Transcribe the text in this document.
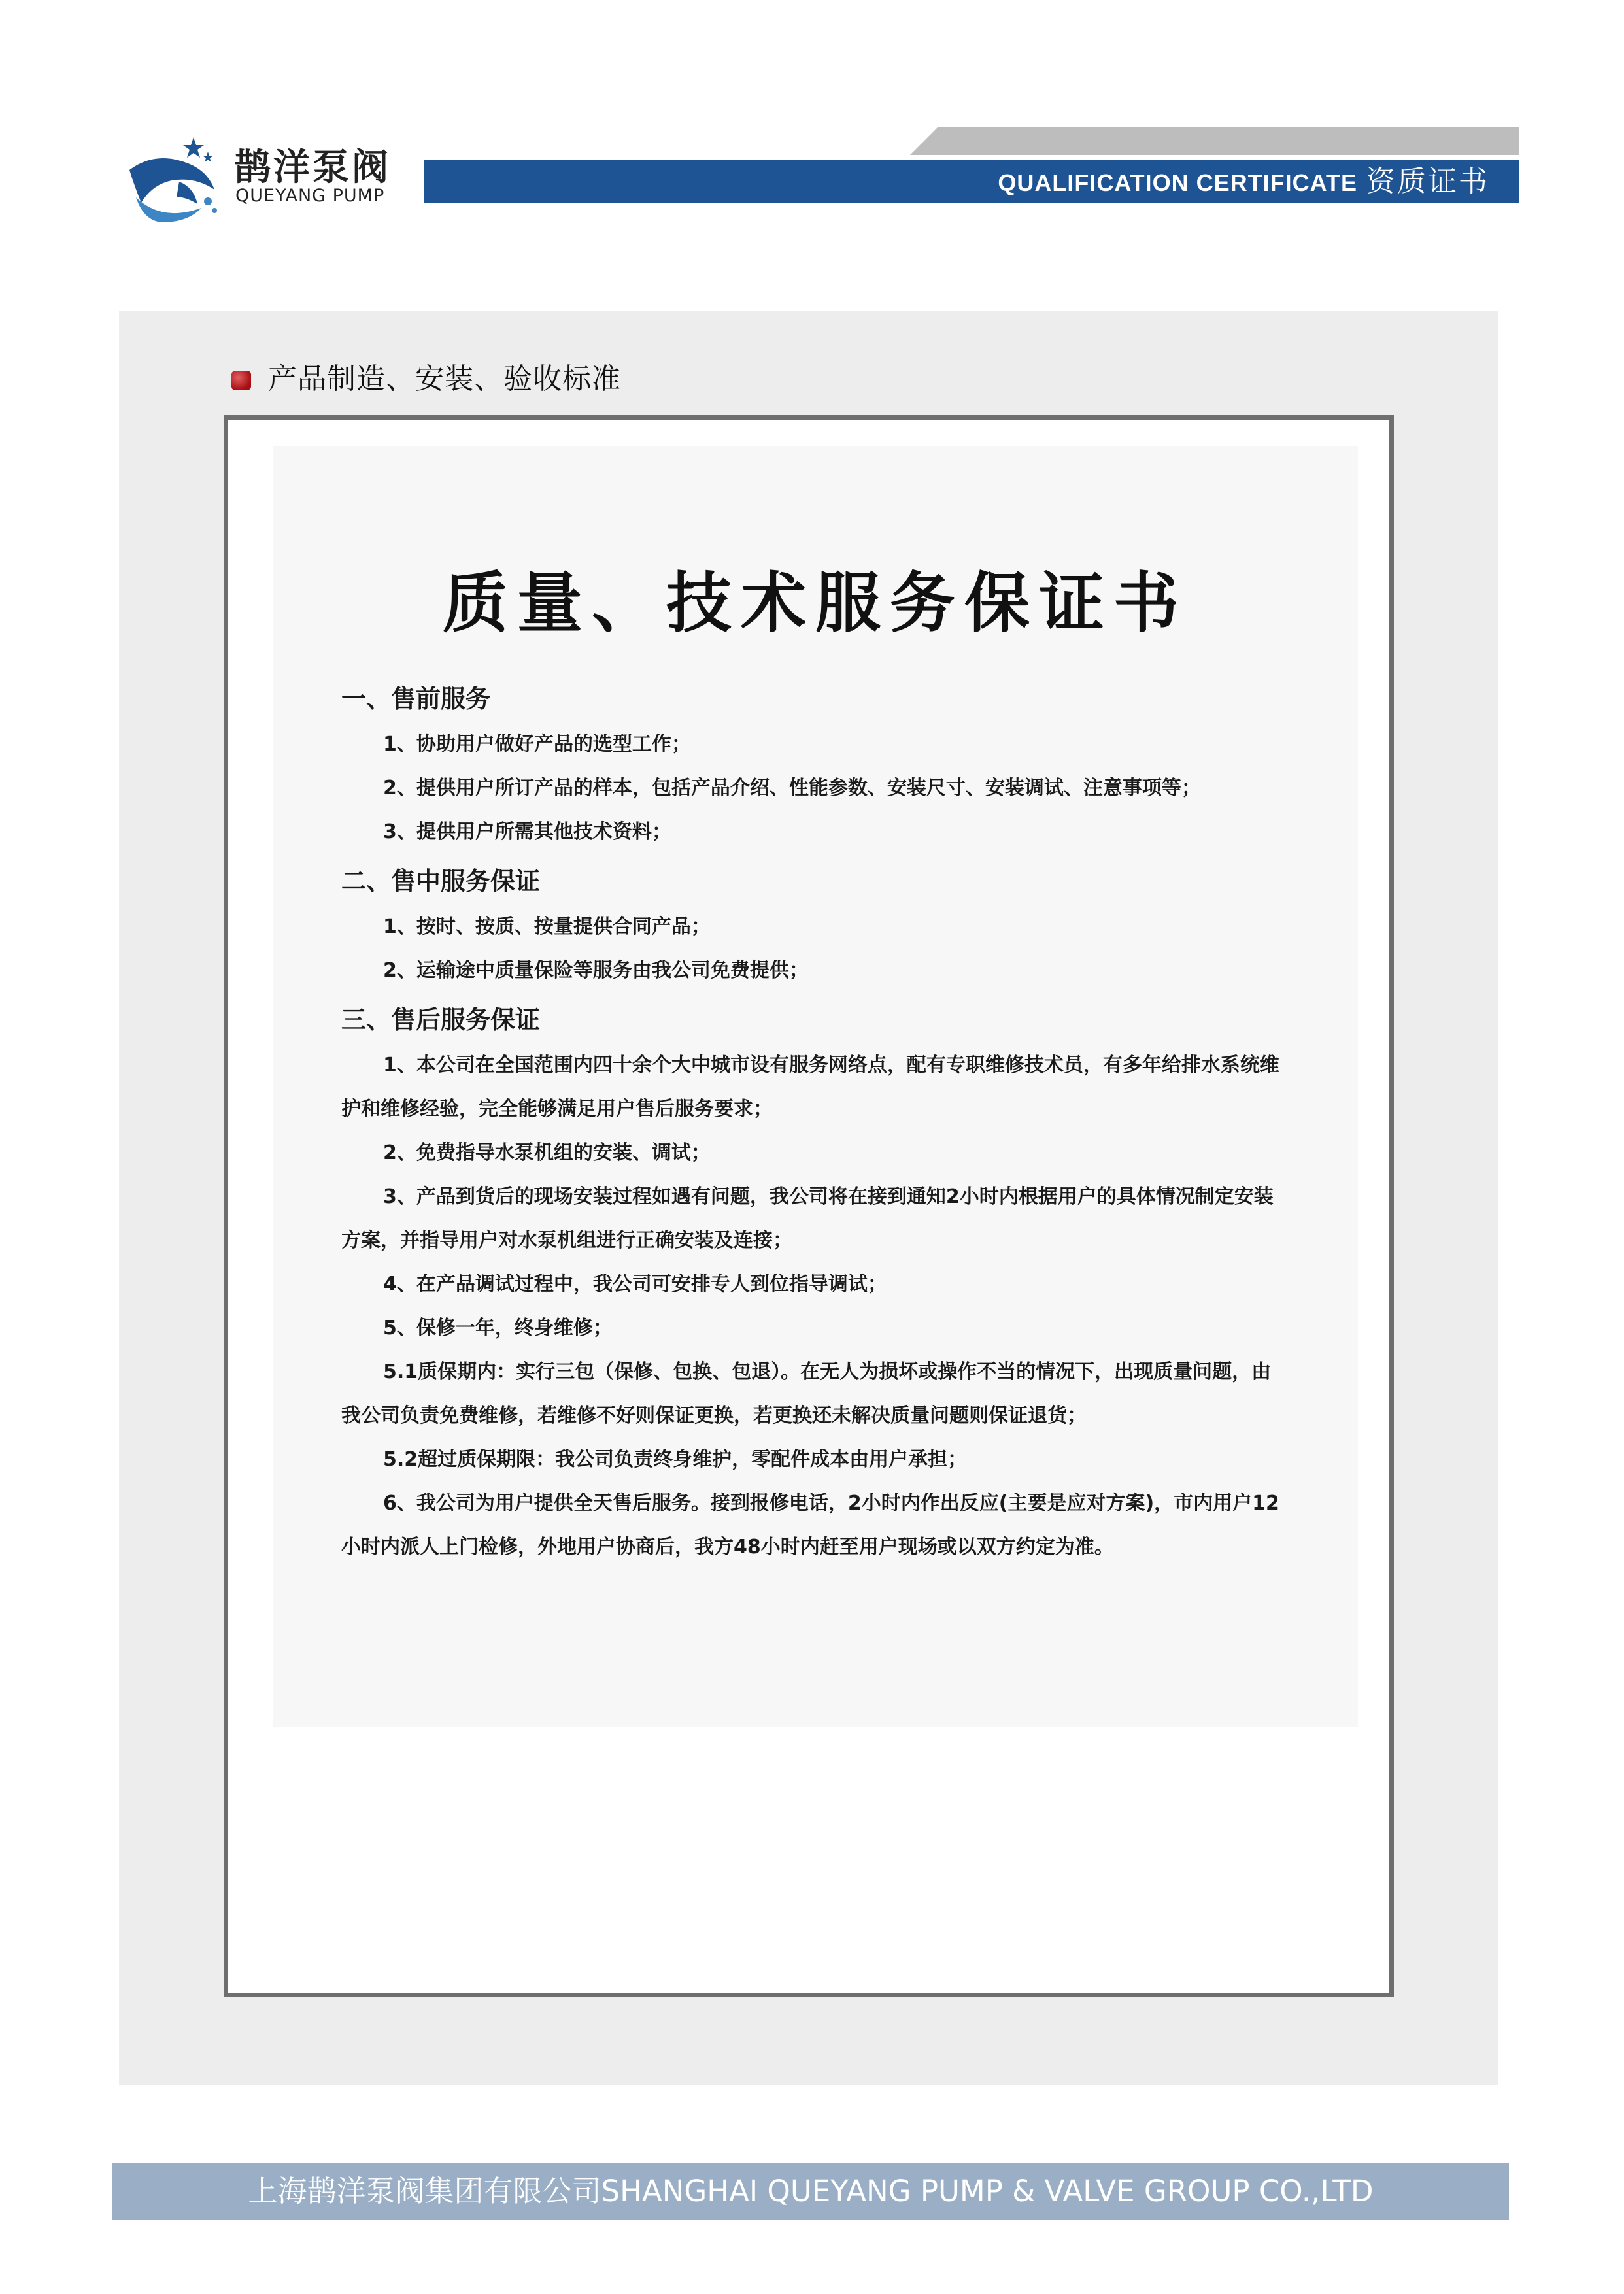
鹊洋泵阀
QUEYANG PUMP	QUALIFICATION CERTIFICATE 资质证书
产品制造、安装、验收标准
质量、技术服务保证书
一、售前服务
1、协助用户做好产品的选型工作；
2、提供用户所订产品的样本，包括产品介绍、性能参数、安装尺寸、安装调试、注意事项等；
3、提供用户所需其他技术资料；
二、售中服务保证
1、按时、按质、按量提供合同产品；
2、运输途中质量保险等服务由我公司免费提供；
三、售后服务保证
1、本公司在全国范围内四十余个大中城市设有服务网络点，配有专职维修技术员，有多年给排水系统维护和维修经验，完全能够满足用户售后服务要求；
2、免费指导水泵机组的安装、调试；
3、产品到货后的现场安装过程如遇有问题，我公司将在接到通知2小时内根据用户的具体情况制定安装方案，并指导用户对水泵机组进行正确安装及连接；
4、在产品调试过程中，我公司可安排专人到位指导调试；
5、保修一年，终身维修；
5.1质保期内：实行三包（保修、包换、包退）。在无人为损坏或操作不当的情况下，出现质量问题，由我公司负责免费维修，若维修不好则保证更换，若更换还未解决质量问题则保证退货；
5.2超过质保期限：我公司负责终身维护，零配件成本由用户承担；
6、我公司为用户提供全天售后服务。接到报修电话，2小时内作出反应(主要是应对方案)，市内用户12小时内派人上门检修，外地用户协商后，我方48小时内赶至用户现场或以双方约定为准。
上海鹊洋泵阀集团有限公司SHANGHAI QUEYANG PUMP & VALVE GROUP CO.,LTD
